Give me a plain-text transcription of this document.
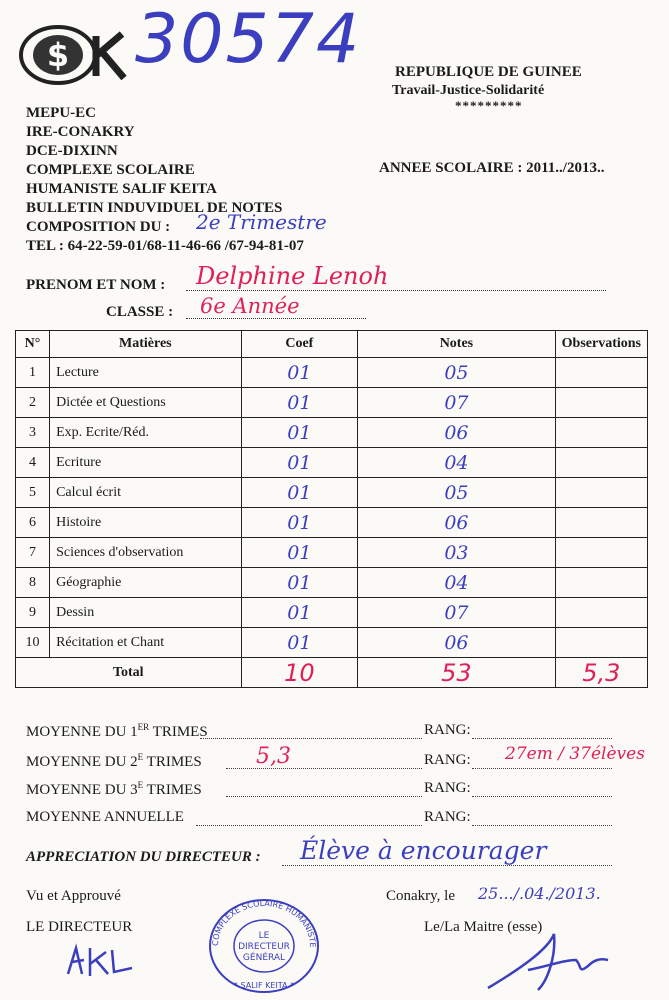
$ 30574 REPUBLIQUE DE GUINEE
Travail-Justice-Solidarité
*********
MEPU-EC
IRE-CONAKRY
DCE-DIXINN
COMPLEXE SCOLAIRE
HUMANISTE SALIF KEITA
BULLETIN INDUVIDUEL DE NOTES
COMPOSITION DU : 2e Trimestre
TEL : 64-22-59-01/68-11-46-66 /67-94-81-07
ANNEE SCOLAIRE : 2011../2013..
PRENOM ET NOM : Delphine Lenoh
CLASSE : 6e Année
N°	Matières	Coef	Notes	Observations
1	Lecture	01	05	
2	Dictée et Questions	01	07	
3	Exp. Ecrite/Réd.	01	06	
4	Ecriture	01	04	
5	Calcul écrit	01	05	
6	Histoire	01	06	
7	Sciences d'observation	01	03	
8	Géographie	01	04	
9	Dessin	01	07	
10	Récitation et Chant	01	06	
Total		10	53	5,3
MOYENNE DU 1ER TRIMES	RANG:
MOYENNE DU $2^E$ TRIMES 5,3	RANG: 27em / 37élèves
MOYENNE DU $3^E$ TRIMES	RANG:
MOYENNE ANNUELLE	RANG:
APPRECIATION DU DIRECTEUR : Élève à encourager
Vu et Approuvé	Conakry, le 25.../.04./2013.
LE DIRECTEUR	Le/La Maitre (esse)
LE
DIRECTEUR
GÉNÉRAL
COMPLEXE SCOLAIRE HUMANISTE
* SALIF KEITA *
